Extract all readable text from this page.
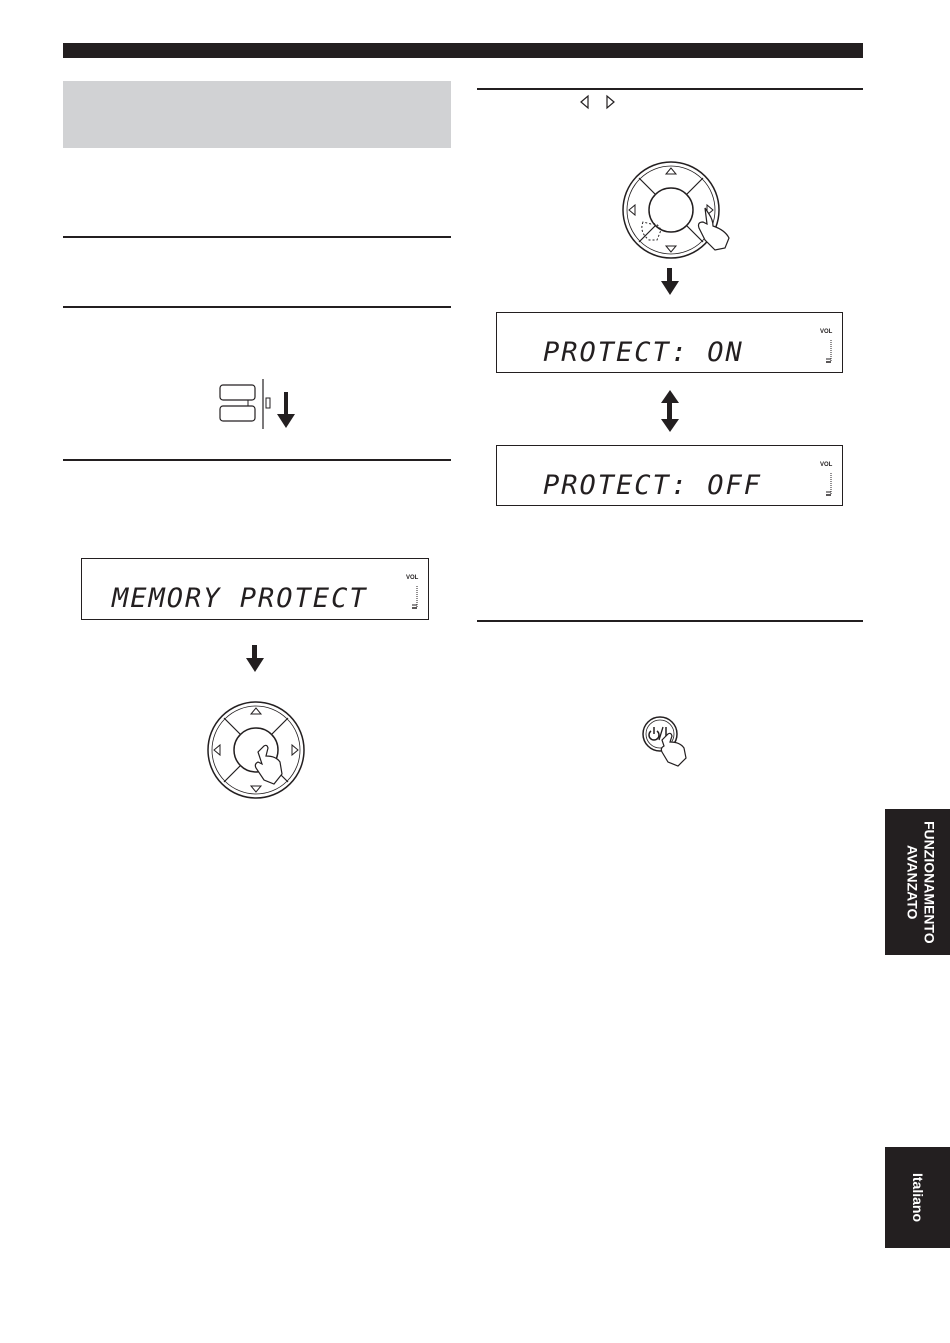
MEMORY PROTECT
VOL
PROTECT: ON
VOL
PROTECT: OFF
VOL
FUNZIONAMENTO AVANZATO
Italiano
